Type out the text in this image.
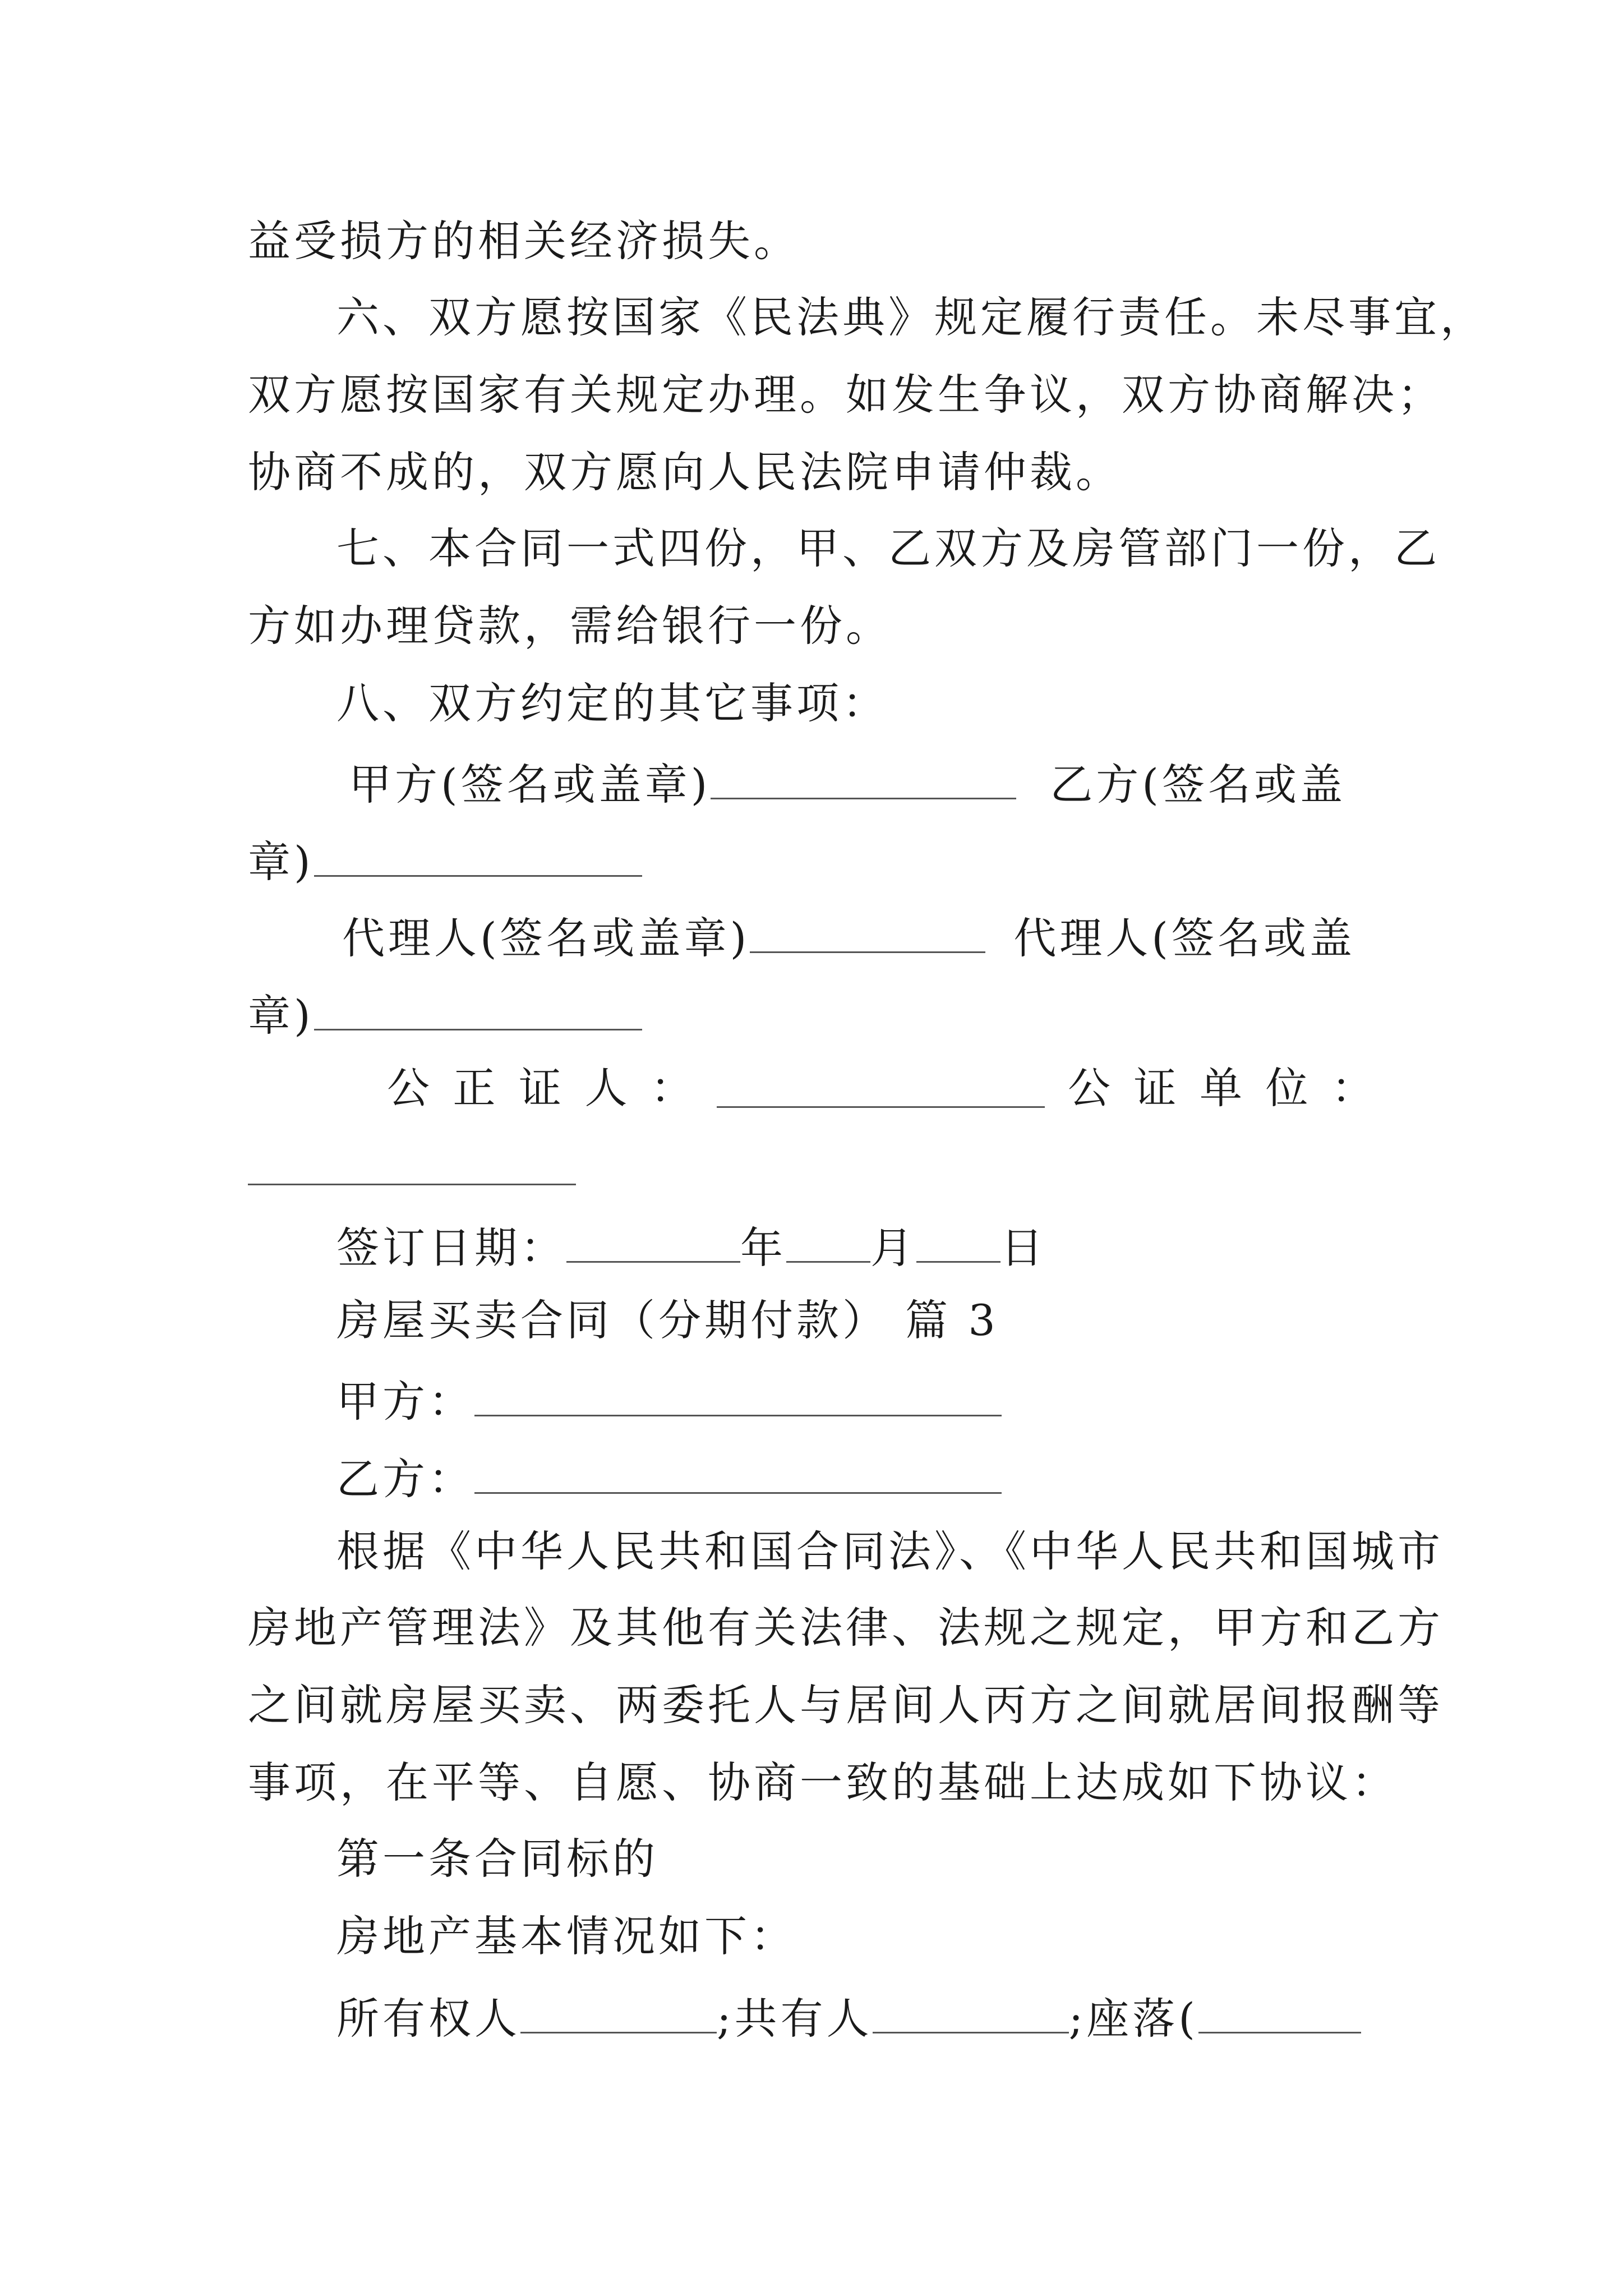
益受损方的相关经济损失。
六、双方愿按国家《民法典》规定履行责任。未尽事宜，
双方愿按国家有关规定办理。如发生争议，双方协商解决；
协商不成的，双方愿向人民法院申请仲裁。
七、本合同一式四份，甲、乙双方及房管部门一份，乙
方如办理贷款，需给银行一份。
八、双方约定的其它事项：
甲方(签名或盖章)	乙方(签名或盖
章)
代理人(签名或盖章)	代理人(签名或盖
章)
公 正 证 人 ：	公 证 单 位 ：
签订日期：	年 月 日
房屋买卖合同（分期付款） 篇 3
甲方：
乙方：
根据《中华人民共和国合同法》、《中华人民共和国城市
房地产管理法》及其他有关法律、法规之规定，甲方和乙方
之间就房屋买卖、两委托人与居间人丙方之间就居间报酬等
事项，在平等、自愿、协商一致的基础上达成如下协议：
第一条合同标的
房地产基本情况如下：
所有权人	;共有人	;座落(
